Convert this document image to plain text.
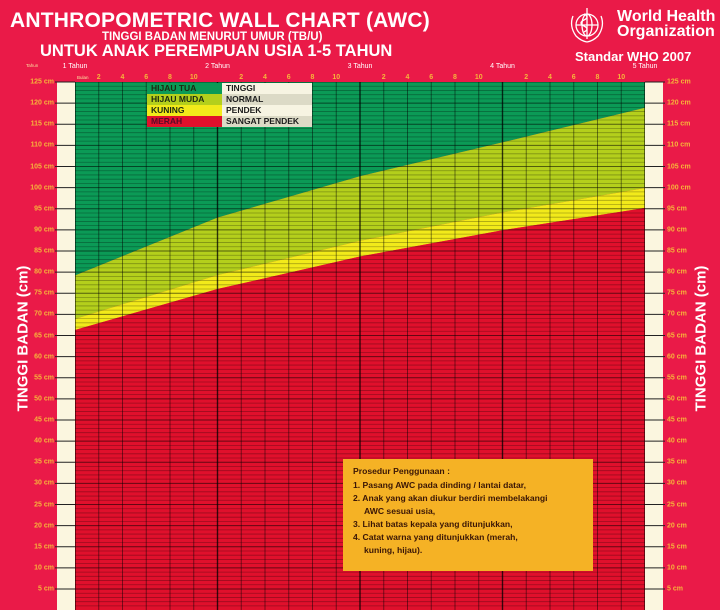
ANTHROPOMETRIC WALL CHART (AWC)
TINGGI BADAN MENURUT UMUR (TB/U)
UNTUK ANAK PEREMPUAN USIA 1-5 TAHUN
World Health
Organization
Standar WHO 2007
Tahun
Bulan
1 Tahun	2 Tahun	3 Tahun	4 Tahun	5 Tahun
2	4	6	8	10	2	4	6	8	10	2	4	6	8	10	2	4	6	8	10
125 cm
120 cm
115 cm
110 cm
105 cm
100 cm
95 cm
90 cm
85 cm
80 cm
75 cm
70 cm
65 cm
60 cm
55 cm
50 cm
45 cm
40 cm
35 cm
30 cm
25 cm
20 cm
15 cm
10 cm
5 cm
125 cm
120 cm
115 cm
110 cm
105 cm
100 cm
95 cm
90 cm
85 cm
80 cm
75 cm
70 cm
65 cm
60 cm
55 cm
50 cm
45 cm
40 cm
35 cm
30 cm
25 cm
20 cm
15 cm
10 cm
5 cm
TINGGI BADAN (cm)	TINGGI BADAN (cm)
HIJAU TUA	TINGGI
HIJAU MUDA	NORMAL
KUNING	PENDEK
MERAH	SANGAT PENDEK
Prosedur Penggunaan :
1. Pasang AWC pada dinding / lantai datar,
2. Anak yang akan diukur berdiri membelakangi
AWC sesuai usia,
3. Lihat batas kepala yang ditunjukkan,
4. Catat warna yang ditunjukkan (merah,
kuning, hijau).
